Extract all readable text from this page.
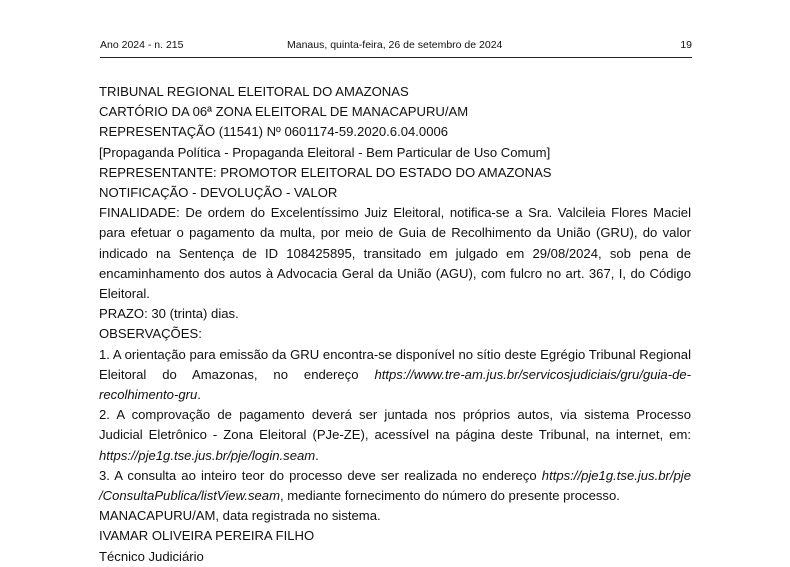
Ano 2024 - n. 215	Manaus, quinta-feira, 26 de setembro de 2024	19

TRIBUNAL REGIONAL ELEITORAL DO AMAZONAS

CARTÓRIO DA 06ª ZONA ELEITORAL DE MANACAPURU/AM

REPRESENTAÇÃO (11541) Nº 0601174-59.2020.6.04.0006

[Propaganda Política - Propaganda Eleitoral - Bem Particular de Uso Comum]

REPRESENTANTE: PROMOTOR ELEITORAL DO ESTADO DO AMAZONAS

NOTIFICAÇÃO - DEVOLUÇÃO - VALOR

FINALIDADE: De ordem do Excelentíssimo Juiz Eleitoral, notifica-se a Sra. Valcileia Flores Maciel para efetuar o pagamento da multa, por meio de Guia de Recolhimento da União (GRU), do valor indicado na Sentença de ID 108425895, transitado em julgado em 29/08/2024, sob pena de encaminhamento dos autos à Advocacia Geral da União (AGU), com fulcro no art. 367, I, do Código Eleitoral.

PRAZO: 30 (trinta) dias.

OBSERVAÇÕES:

1. A orientação para emissão da GRU encontra-se disponível no sítio deste Egrégio Tribunal Regional Eleitoral do Amazonas, no endereço https://www.tre-am.jus.br/servicosjudiciais/gru/guia-de-recolhimento-gru.

2. A comprovação de pagamento deverá ser juntada nos próprios autos, via sistema Processo Judicial Eletrônico - Zona Eleitoral (PJe-ZE), acessível na página deste Tribunal, na internet, em: https://pje1g.tse.jus.br/pje/login.seam.

3. A consulta ao inteiro teor do processo deve ser realizada no endereço https://pje1g.tse.jus.br/pje /ConsultaPublica/listView.seam, mediante fornecimento do número do presente processo.

MANACAPURU/AM, data registrada no sistema.

IVAMAR OLIVEIRA PEREIRA FILHO

Técnico Judiciário
